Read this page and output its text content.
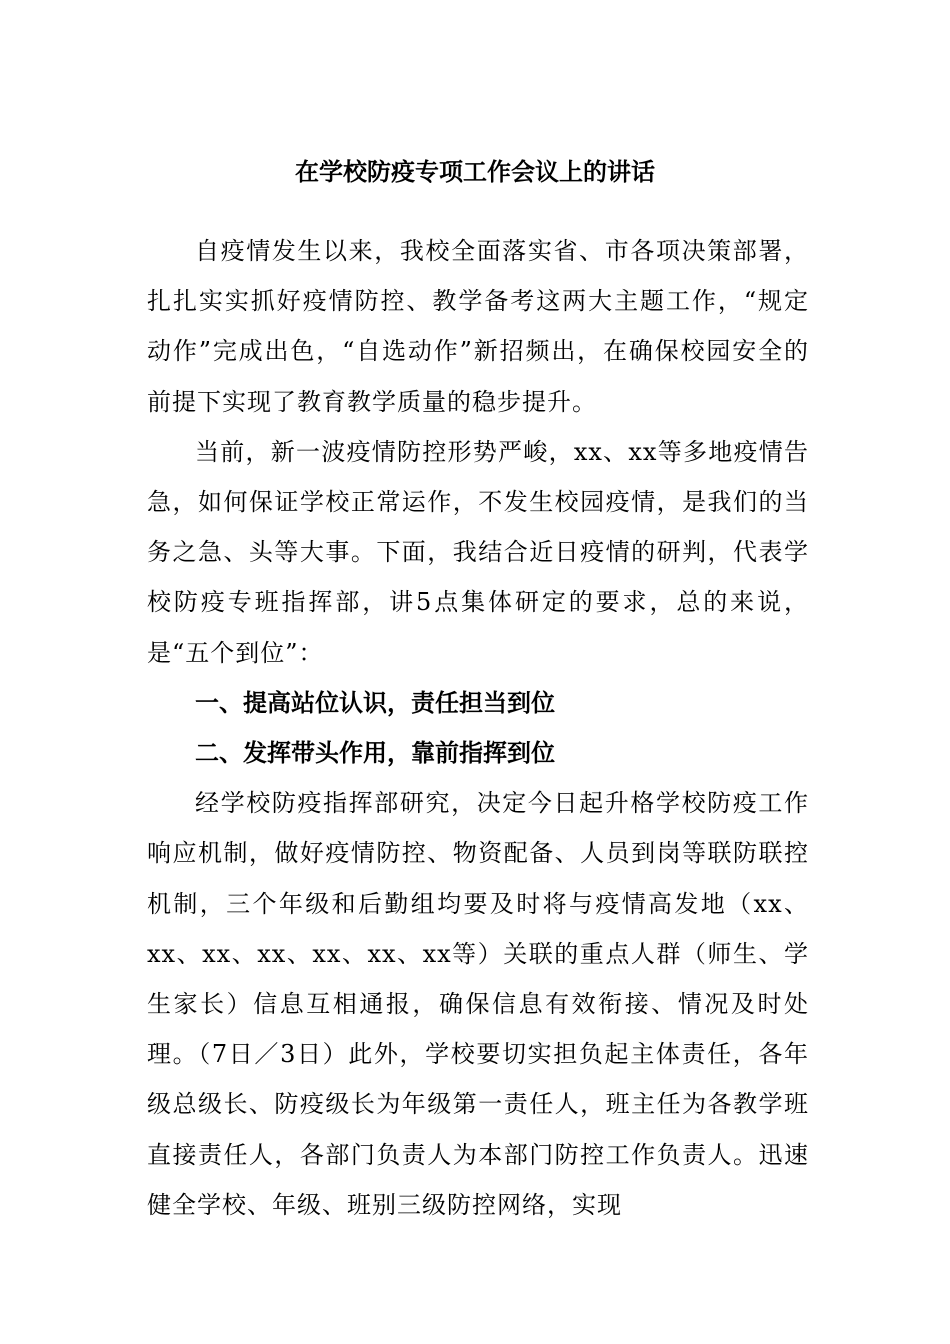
在学校防疫专项工作会议上的讲话

自疫情发生以来，我校全面落实省、市各项决策部署，扎扎实实抓好疫情防控、教学备考这两大主题工作，“规定动作”完成出色，“自选动作”新招频出，在确保校园安全的前提下实现了教育教学质量的稳步提升。

当前，新一波疫情防控形势严峻，xx、xx等多地疫情告急，如何保证学校正常运作，不发生校园疫情，是我们的当务之急、头等大事。下面，我结合近日疫情的研判，代表学校防疫专班指挥部，讲5点集体研定的要求，总的来说，是“五个到位”：

一、提高站位认识，责任担当到位

二、发挥带头作用，靠前指挥到位

经学校防疫指挥部研究，决定今日起升格学校防疫工作响应机制，做好疫情防控、物资配备、人员到岗等联防联控机制，三个年级和后勤组均要及时将与疫情高发地（xx、xx、xx、xx、xx、xx、xx等）关联的重点人群（师生、学生家长）信息互相通报，确保信息有效衔接、情况及时处理。（7日／3日）此外，学校要切实担负起主体责任，各年级总级长、防疫级长为年级第一责任人，班主任为各教学班直接责任人，各部门负责人为本部门防控工作负责人。迅速健全学校、年级、班别三级防控网络，实现
